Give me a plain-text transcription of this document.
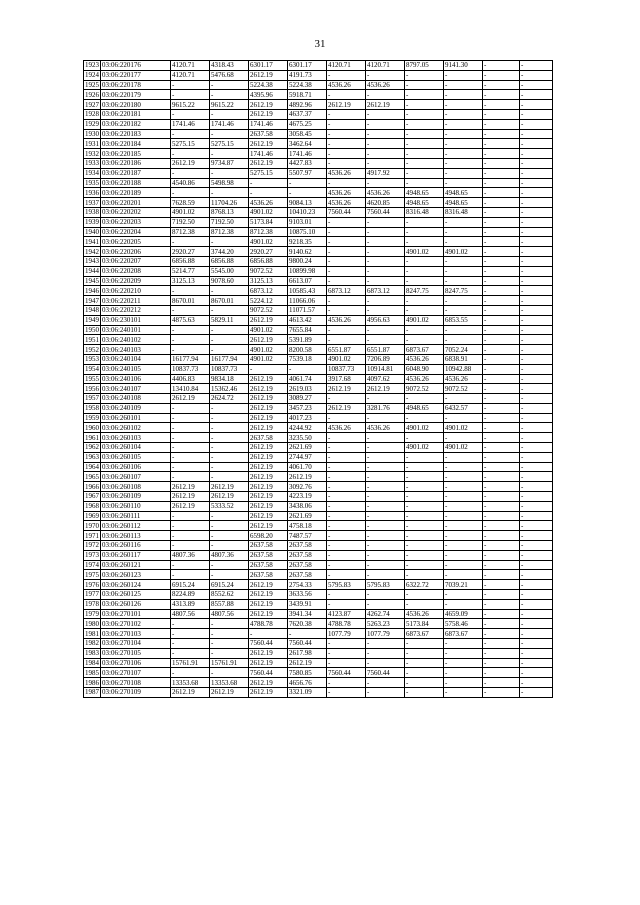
31
1923	03:06:220176	4120.71	4318.43	6301.17	6301.17	4120.71	4120.71	8797.05	9141.30	-	-
1924	03:06:220177	4120.71	5476.68	2612.19	4191.73	-	-	-	-	-	-
1925	03:06:220178	-	-	5224.38	5224.38	4536.26	4536.26	-	-	-	-
1926	03:06:220179	-	-	4395.96	5918.71	-	-	-	-	-	-
1927	03:06:220180	9615.22	9615.22	2612.19	4892.96	2612.19	2612.19	-	-	-	-
1928	03:06:220181	-	-	2612.19	4637.37	-	-	-	-	-	-
1929	03:06:220182	1741.46	1741.46	1741.46	4675.25	-	-	-	-	-	-
1930	03:06:220183	-	-	2637.58	3058.45	-	-	-	-	-	-
1931	03:06:220184	5275.15	5275.15	2612.19	3462.64	-	-	-	-	-	-
1932	03:06:220185	-	-	1741.46	1741.46	-	-	-	-	-	-
1933	03:06:220186	2612.19	9734.87	2612.19	4427.83	-	-	-	-	-	-
1934	03:06:220187	-	-	5275.15	5507.97	4536.26	4917.92	-	-	-	-
1935	03:06:220188	4540.86	5498.98	-	-	-	-	-	-	-	-
1936	03:06:220189	-	-	-	-	4536.26	4536.26	4948.65	4948.65	-	-
1937	03:06:220201	7628.59	11704.26	4536.26	9084.13	4536.26	4620.85	4948.65	4948.65	-	-
1938	03:06:220202	4901.02	8768.13	4901.02	10410.23	7560.44	7560.44	8316.48	8316.48	-	-
1939	03:06:220203	7192.50	7192.50	5173.84	9103.01	-	-	-	-	-	-
1940	03:06:220204	8712.38	8712.38	8712.38	10875.10	-	-	-	-	-	-
1941	03:06:220205	-	-	4901.02	9218.35	-	-	-	-	-	-
1942	03:06:220206	2920.27	3744.20	2920.27	9140.62	-	-	4901.02	4901.02	-	-
1943	03:06:220207	6856.88	6856.88	6856.88	9800.24	-	-	-	-	-	-
1944	03:06:220208	5214.77	5545.00	9072.52	10899.98	-	-	-	-	-	-
1945	03:06:220209	3125.13	9078.60	3125.13	6613.07	-	-	-	-	-	-
1946	03:06:220210	-	-	6873.12	10585.43	6873.12	6873.12	8247.75	8247.75	-	-
1947	03:06:220211	8670.01	8670.01	5224.12	11066.06	-	-	-	-	-	-
1948	03:06:220212	-	-	9072.52	11071.57	-	-	-	-	-	-
1949	03:06:230101	4875.63	5829.11	2612.19	4613.42	4536.26	4956.63	4901.02	6853.55	-	-
1950	03:06:240101	-	-	4901.02	7655.84	-	-	-	-	-	-
1951	03:06:240102	-	-	2612.19	5391.89	-	-	-	-	-	-
1952	03:06:240103	-	-	4901.02	8200.58	6551.87	6551.87	6873.67	7052.24	-	-
1953	03:06:240104	16177.94	16177.94	4901.02	7539.18	4901.02	7206.89	4536.26	6838.91	-	-
1954	03:06:240105	10837.73	10837.73	-	-	10837.73	10914.81	6048.90	10942.88	-	-
1955	03:06:240106	4406.83	9834.18	2612.19	4061.74	3917.68	4097.62	4536.26	4536.26	-	-
1956	03:06:240107	13410.84	15362.46	2612.19	2619.03	2612.19	2612.19	9072.52	9072.52	-	-
1957	03:06:240108	2612.19	2624.72	2612.19	3089.27	-	-	-	-	-	-
1958	03:06:240109	-	-	2612.19	3457.23	2612.19	3281.76	4948.65	6432.57	-	-
1959	03:06:260101	-	-	2612.19	4017.23	-	-	-	-	-	-
1960	03:06:260102	-	-	2612.19	4244.92	4536.26	4536.26	4901.02	4901.02	-	-
1961	03:06:260103	-	-	2637.58	3235.50	-	-	-	-	-	-
1962	03:06:260104	-	-	2612.19	2621.69	-	-	4901.02	4901.02	-	-
1963	03:06:260105	-	-	2612.19	2744.97	-	-	-	-	-	-
1964	03:06:260106	-	-	2612.19	4061.70	-	-	-	-	-	-
1965	03:06:260107	-	-	2612.19	2612.19	-	-	-	-	-	-
1966	03:06:260108	2612.19	2612.19	2612.19	3092.76	-	-	-	-	-	-
1967	03:06:260109	2612.19	2612.19	2612.19	4223.19	-	-	-	-	-	-
1968	03:06:260110	2612.19	5333.52	2612.19	3438.06	-	-	-	-	-	-
1969	03:06:260111	-	-	2612.19	2621.69	-	-	-	-	-	-
1970	03:06:260112	-	-	2612.19	4758.18	-	-	-	-	-	-
1971	03:06:260113	-	-	6598.20	7487.57	-	-	-	-	-	-
1972	03:06:260116	-	-	2637.58	2637.58	-	-	-	-	-	-
1973	03:06:260117	4807.36	4807.36	2637.58	2637.58	-	-	-	-	-	-
1974	03:06:260121	-	-	2637.58	2637.58	-	-	-	-	-	-
1975	03:06:260123	-	-	2637.58	2637.58	-	-	-	-	-	-
1976	03:06:260124	6915.24	6915.24	2612.19	2754.33	5795.83	5795.83	6322.72	7039.21	-	-
1977	03:06:260125	8224.89	8552.62	2612.19	3633.56	-	-	-	-	-	-
1978	03:06:260126	4313.89	8557.88	2612.19	3439.91	-	-	-	-	-	-
1979	03:06:270101	4807.56	4807.56	2612.19	3941.34	4123.87	4262.74	4536.26	4659.09	-	-
1980	03:06:270102	-	-	4788.78	7620.38	4788.78	5263.23	5173.84	5758.46	-	-
1981	03:06:270103	-	-	-	-	1077.79	1077.79	6873.67	6873.67	-	-
1982	03:06:270104	-	-	7560.44	7560.44	-	-	-	-	-	-
1983	03:06:270105	-	-	2612.19	2617.98	-	-	-	-	-	-
1984	03:06:270106	15761.91	15761.91	2612.19	2612.19	-	-	-	-	-	-
1985	03:06:270107	-	-	7560.44	7580.85	7560.44	7560.44	-	-	-	-
1986	03:06:270108	13353.68	13353.68	2612.19	4656.76	-	-	-	-	-	-
1987	03:06:270109	2612.19	2612.19	2612.19	3321.09	-	-	-	-	-	-
